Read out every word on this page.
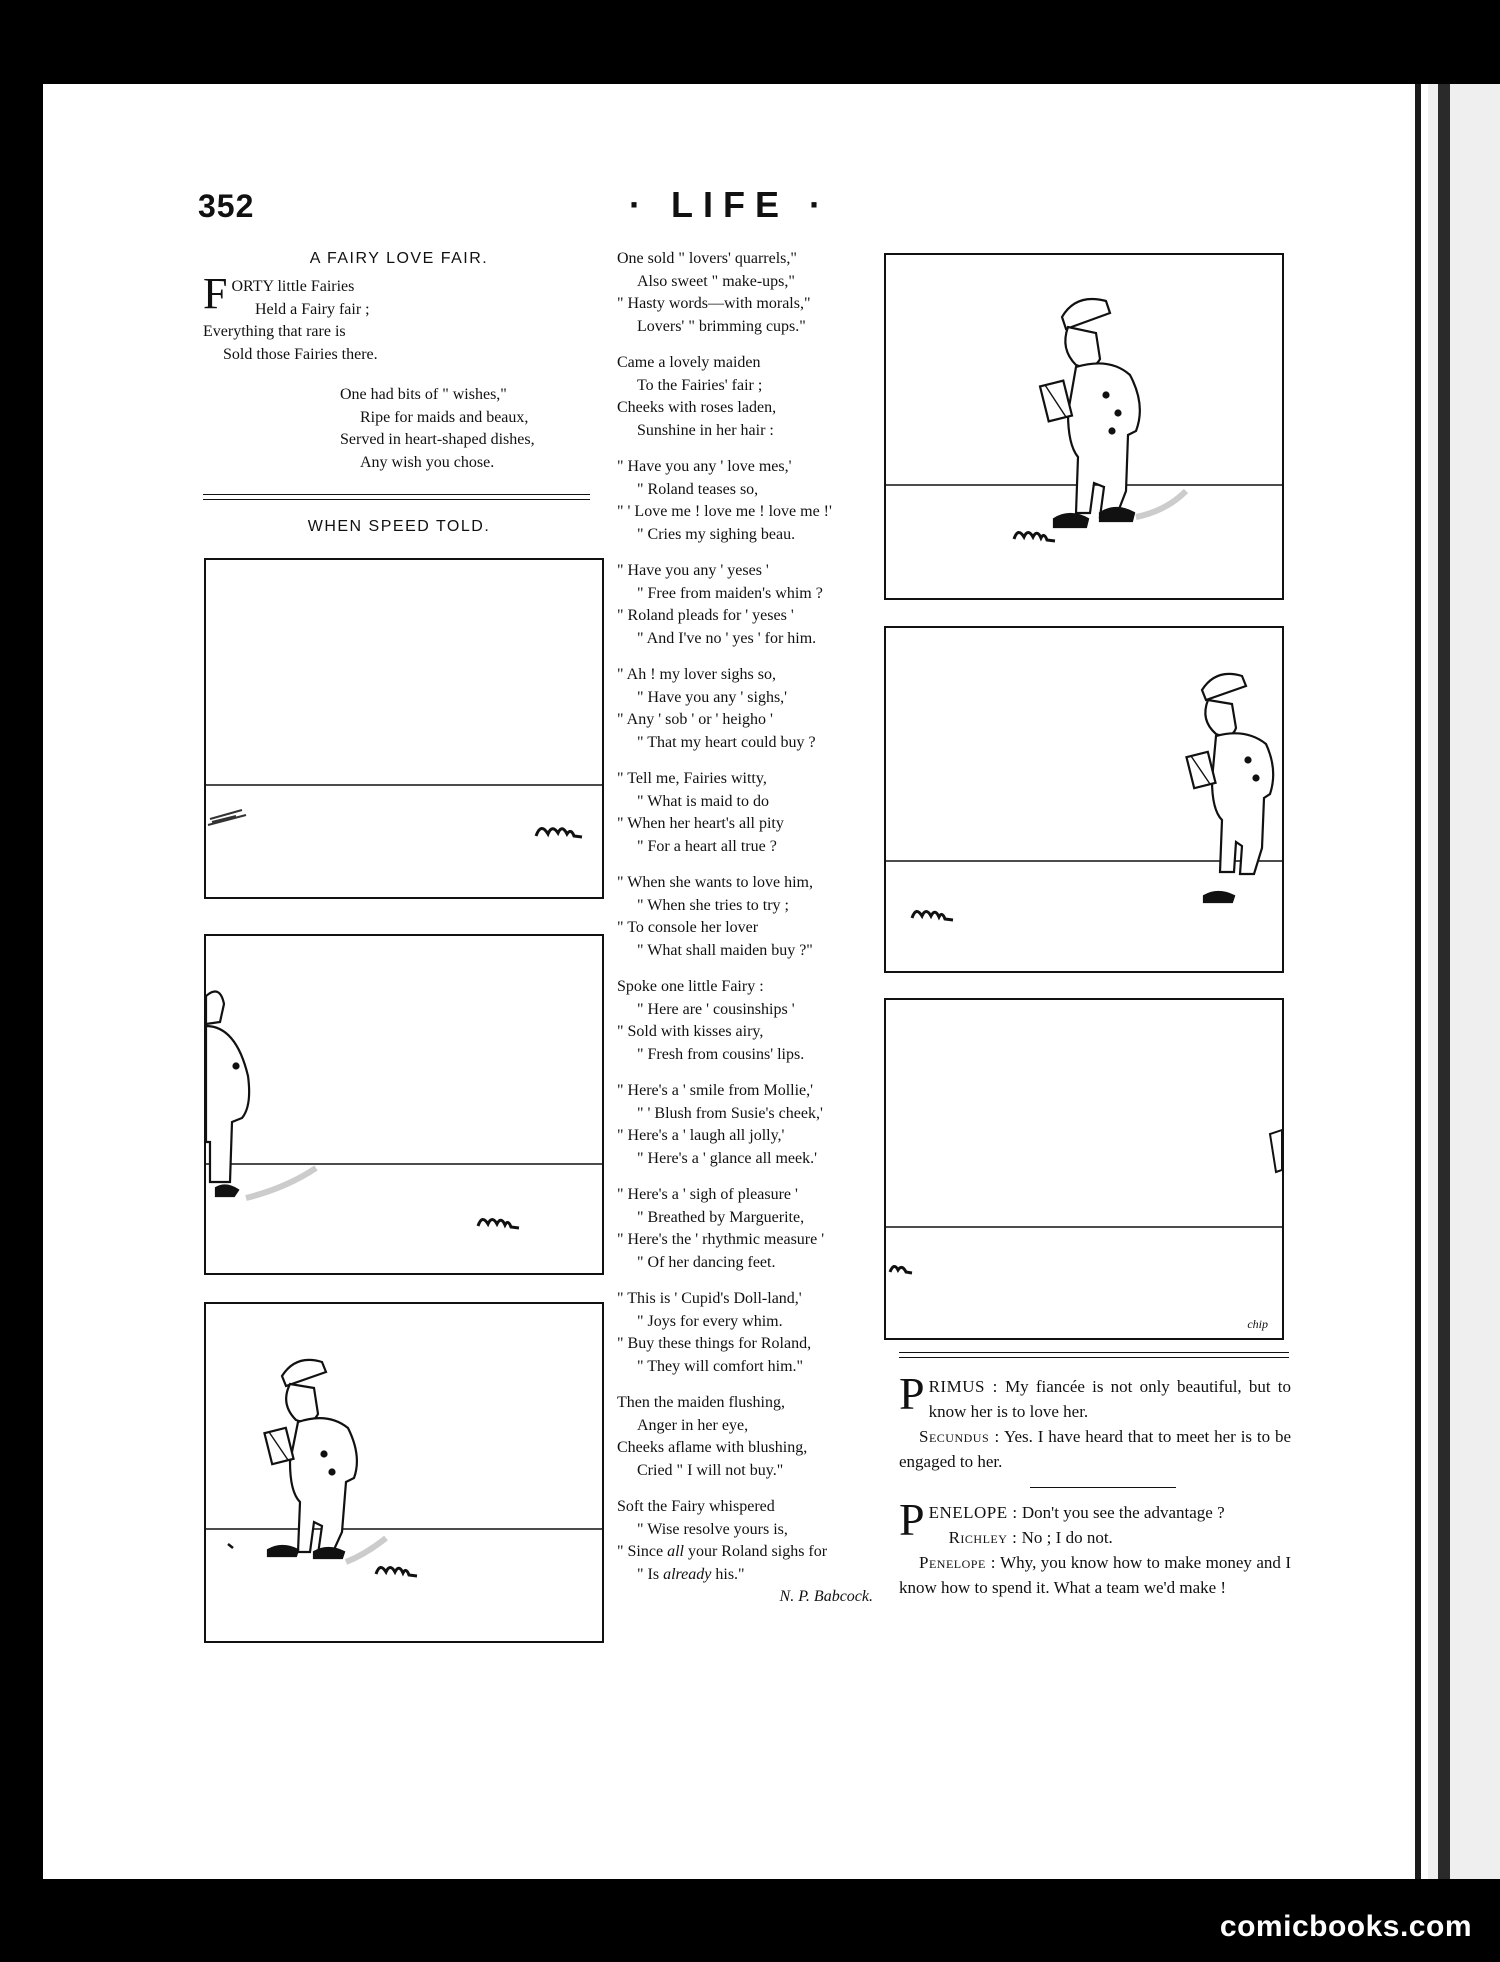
352	· LIFE ·
A FAIRY LOVE FAIR.
F ORTY little Fairies
Held a Fairy fair ;
Everything that rare is
Sold those Fairies there.
One had bits of " wishes,"
Ripe for maids and beaux,
Served in heart-shaped dishes,
Any wish you chose.
WHEN SPEED TOLD.
One sold " lovers' quarrels,"
Also sweet " make-ups,"
" Hasty words—with morals,"
Lovers' " brimming cups."
Came a lovely maiden
To the Fairies' fair ;
Cheeks with roses laden,
Sunshine in her hair :
" Have you any ' love mes,'
" Roland teases so,
" ' Love me ! love me ! love me !'
" Cries my sighing beau.
" Have you any ' yeses '
" Free from maiden's whim ?
" Roland pleads for ' yeses '
" And I've no ' yes ' for him.
" Ah ! my lover sighs so,
" Have you any ' sighs,'
" Any ' sob ' or ' heigho '
" That my heart could buy ?
" Tell me, Fairies witty,
" What is maid to do
" When her heart's all pity
" For a heart all true ?
" When she wants to love him,
" When she tries to try ;
" To console her lover
" What shall maiden buy ?"
Spoke one little Fairy :
" Here are ' cousinships '
" Sold with kisses airy,
" Fresh from cousins' lips.
" Here's a ' smile from Mollie,'
" ' Blush from Susie's cheek,'
" Here's a ' laugh all jolly,'
" Here's a ' glance all meek.'
" Here's a ' sigh of pleasure '
" Breathed by Marguerite,
" Here's the ' rhythmic measure '
" Of her dancing feet.
" This is ' Cupid's Doll-land,'
" Joys for every whim.
" Buy these things for Roland,
" They will comfort him."
Then the maiden flushing,
Anger in her eye,
Cheeks aflame with blushing,
Cried " I will not buy."
Soft the Fairy whispered
" Wise resolve yours is,
" Since all your Roland sighs for
" Is already his."
N. P. Babcock.
chip
P RIMUS : My fiancée is not only beautiful, but to know her is to love her.
Secundus : Yes. I have heard that to meet her is to be engaged to her.
P ENELOPE : Don't you see the advantage ?
Richley : No ; I do not.
Penelope : Why, you know how to make money and I know how to spend it. What a team we'd make !
comicbooks.com
